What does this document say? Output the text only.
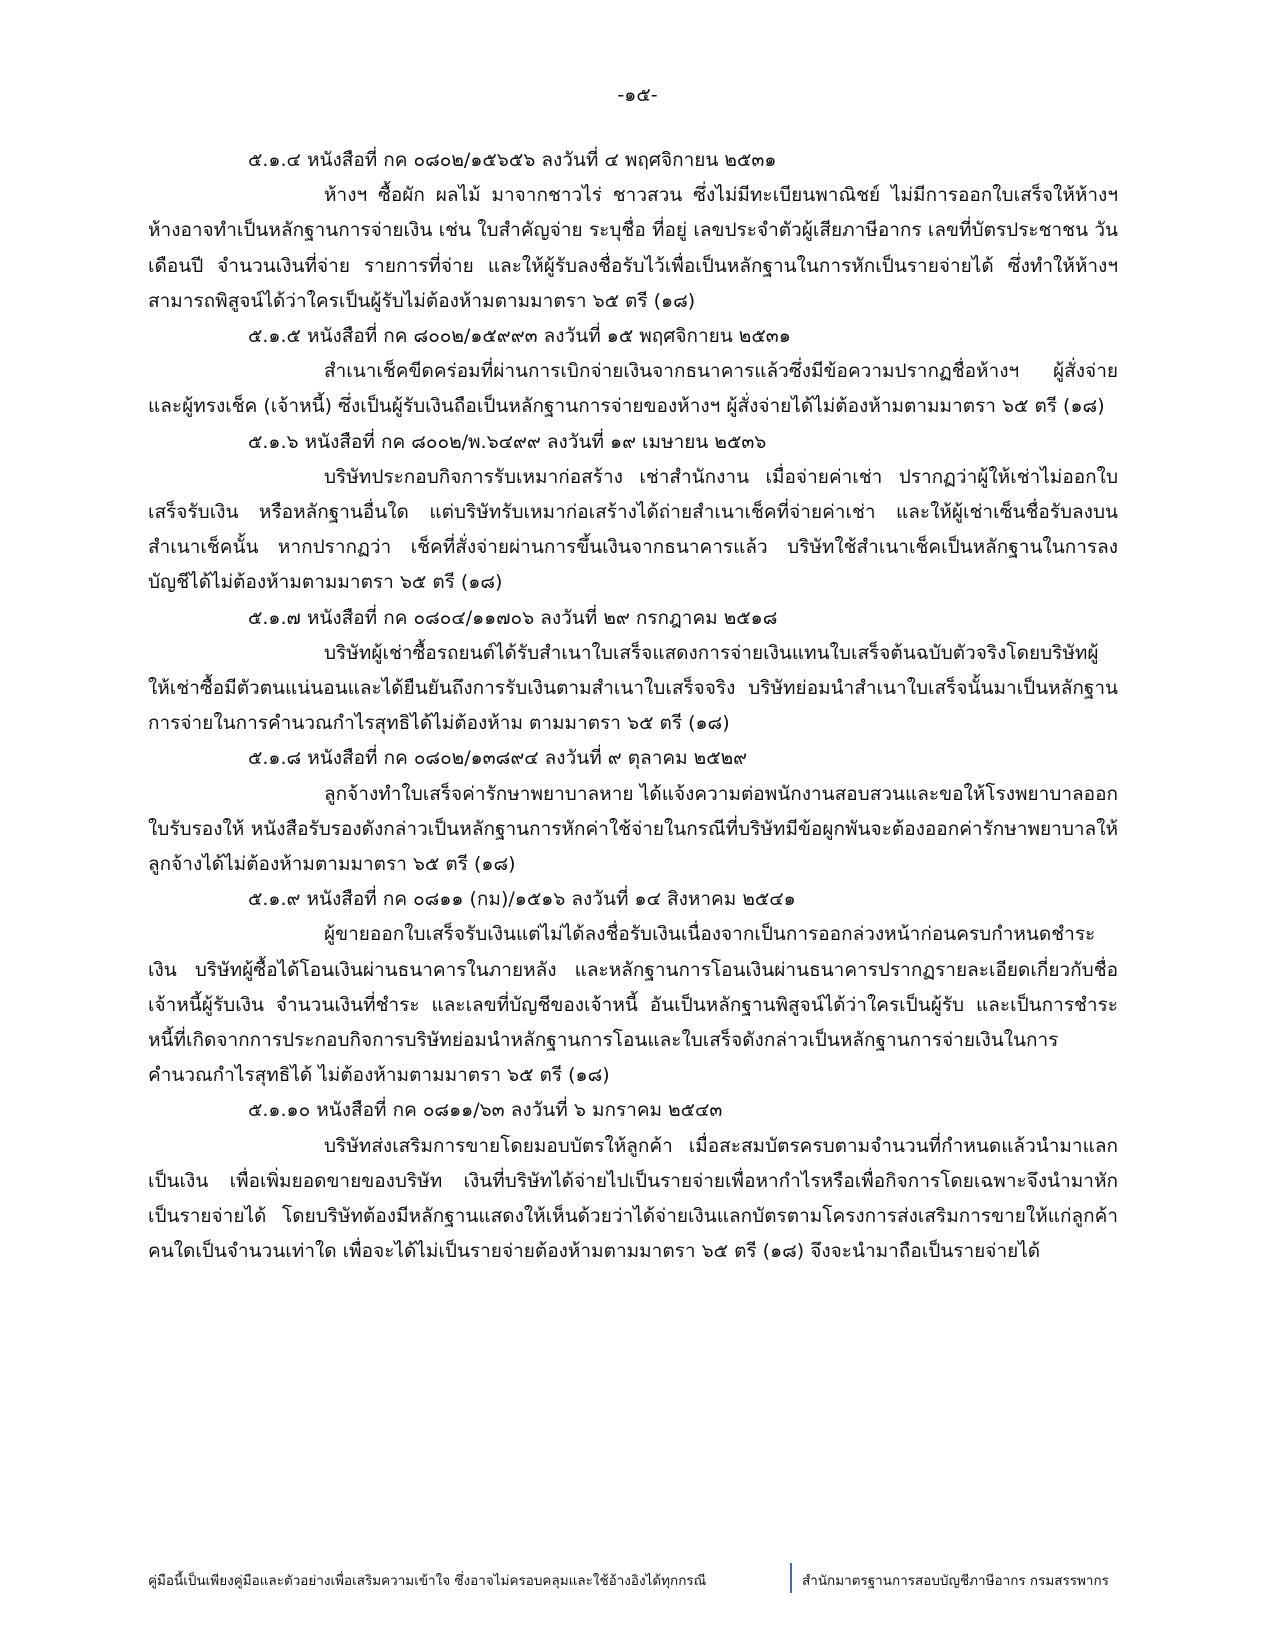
-๑๕-

๕.๑.๔ หนังสือที่ กค ๐๘๐๒/๑๕๖๕๖ ลงวันที่ ๔ พฤศจิกายน ๒๕๓๑

ห้างฯ ซื้อผัก ผลไม้ มาจากชาวไร่ ชาวสวน ซึ่งไม่มีทะเบียนพาณิชย์ ไม่มีการออกใบเสร็จให้ห้างฯ ห้างอาจทำเป็นหลักฐานการจ่ายเงิน เช่น ใบสำคัญจ่าย ระบุชื่อ ที่อยู่ เลขประจำตัวผู้เสียภาษีอากร เลขที่บัตรประชาชน วันเดือนปี จำนวนเงินที่จ่าย รายการที่จ่าย และให้ผู้รับลงชื่อรับไว้เพื่อเป็นหลักฐานในการหักเป็นรายจ่ายได้ ซึ่งทำให้ห้างฯ สามารถพิสูจน์ได้ว่าใครเป็นผู้รับไม่ต้องห้ามตามมาตรา ๖๕ ตรี (๑๘)

๕.๑.๕ หนังสือที่ กค ๘๐๐๒/๑๕๙๙๓ ลงวันที่ ๑๕ พฤศจิกายน ๒๕๓๑

สำเนาเช็คขีดคร่อมที่ผ่านการเบิกจ่ายเงินจากธนาคารแล้วซึ่งมีข้อความปรากฏชื่อห้างฯ ผู้สั่งจ่าย และผู้ทรงเช็ค (เจ้าหนี้) ซึ่งเป็นผู้รับเงินถือเป็นหลักฐานการจ่ายของห้างฯ ผู้สั่งจ่ายได้ไม่ต้องห้ามตามมาตรา ๖๕ ตรี (๑๘)

๕.๑.๖ หนังสือที่ กค ๘๐๐๒/พ.๖๔๙๙ ลงวันที่ ๑๙ เมษายน ๒๕๓๖

บริษัทประกอบกิจการรับเหมาก่อสร้าง เช่าสำนักงาน เมื่อจ่ายค่าเช่า ปรากฏว่าผู้ให้เช่าไม่ออกใบเสร็จรับเงิน หรือหลักฐานอื่นใด แต่บริษัทรับเหมาก่อเสร้างได้ถ่ายสำเนาเช็คที่จ่ายค่าเช่า และให้ผู้เช่าเซ็นชื่อรับลงบนสำเนาเช็คนั้น หากปรากฏว่า เช็คที่สั่งจ่ายผ่านการขึ้นเงินจากธนาคารแล้ว บริษัทใช้สำเนาเช็คเป็นหลักฐานในการลงบัญชีได้ไม่ต้องห้ามตามมาตรา ๖๕ ตรี (๑๘)

๕.๑.๗ หนังสือที่ กค ๐๘๐๔/๑๑๗๐๖ ลงวันที่ ๒๙ กรกฎาคม ๒๕๑๘

บริษัทผู้เช่าซื้อรถยนต์ได้รับสำเนาใบเสร็จแสดงการจ่ายเงินแทนใบเสร็จต้นฉบับตัวจริงโดยบริษัทผู้ให้เช่าซื้อมีตัวตนแน่นอนและได้ยืนยันถึงการรับเงินตามสำเนาใบเสร็จจริง บริษัทย่อมนำสำเนาใบเสร็จนั้นมาเป็นหลักฐานการจ่ายในการคำนวณกำไรสุทธิได้ไม่ต้องห้าม ตามมาตรา ๖๕ ตรี (๑๘)

๕.๑.๘ หนังสือที่ กค ๐๘๐๒/๑๓๘๙๔ ลงวันที่ ๙ ตุลาคม ๒๕๒๙

ลูกจ้างทำใบเสร็จค่ารักษาพยาบาลหาย ได้แจ้งความต่อพนักงานสอบสวนและขอให้โรงพยาบาลออกใบรับรองให้ หนังสือรับรองดังกล่าวเป็นหลักฐานการหักค่าใช้จ่ายในกรณีที่บริษัทมีข้อผูกพันจะต้องออกค่ารักษาพยาบาลให้ลูกจ้างได้ไม่ต้องห้ามตามมาตรา ๖๕ ตรี (๑๘)

๕.๑.๙ หนังสือที่ กค ๐๘๑๑ (กม)/๑๕๑๖ ลงวันที่ ๑๔ สิงหาคม ๒๕๔๑

ผู้ขายออกใบเสร็จรับเงินแต่ไม่ได้ลงชื่อรับเงินเนื่องจากเป็นการออกล่วงหน้าก่อนครบกำหนดชำระเงิน บริษัทผู้ซื้อได้โอนเงินผ่านธนาคารในภายหลัง และหลักฐานการโอนเงินผ่านธนาคารปรากฏรายละเอียดเกี่ยวกับชื่อเจ้าหนี้ผู้รับเงิน จำนวนเงินที่ชำระ และเลขที่บัญชีของเจ้าหนี้ อันเป็นหลักฐานพิสูจน์ได้ว่าใครเป็นผู้รับ และเป็นการชำระหนี้ที่เกิดจากการประกอบกิจการบริษัทย่อมนำหลักฐานการโอนและใบเสร็จดังกล่าวเป็นหลักฐานการจ่ายเงินในการคำนวณกำไรสุทธิได้ ไม่ต้องห้ามตามมาตรา ๖๕ ตรี (๑๘)

๕.๑.๑๐ หนังสือที่ กค ๐๘๑๑/๖๓ ลงวันที่ ๖ มกราคม ๒๕๔๓

บริษัทส่งเสริมการขายโดยมอบบัตรให้ลูกค้า เมื่อสะสมบัตรครบตามจำนวนที่กำหนดแล้วนำมาแลกเป็นเงิน เพื่อเพิ่มยอดขายของบริษัท เงินที่บริษัทได้จ่ายไปเป็นรายจ่ายเพื่อหากำไรหรือเพื่อกิจการโดยเฉพาะจึงนำมาหักเป็นรายจ่ายได้ โดยบริษัทต้องมีหลักฐานแสดงให้เห็นด้วยว่าได้จ่ายเงินแลกบัตรตามโครงการส่งเสริมการขายให้แก่ลูกค้าคนใดเป็นจำนวนเท่าใด เพื่อจะได้ไม่เป็นรายจ่ายต้องห้ามตามมาตรา ๖๕ ตรี (๑๘) จึงจะนำมาถือเป็นรายจ่ายได้

คู่มือนี้เป็นเพียงคู่มือและตัวอย่างเพื่อเสริมความเข้าใจ ซึ่งอาจไม่ครอบคลุมและใช้อ้างอิงได้ทุกกรณี	สำนักมาตรฐานการสอบบัญชีภาษีอากร กรมสรรพากร
